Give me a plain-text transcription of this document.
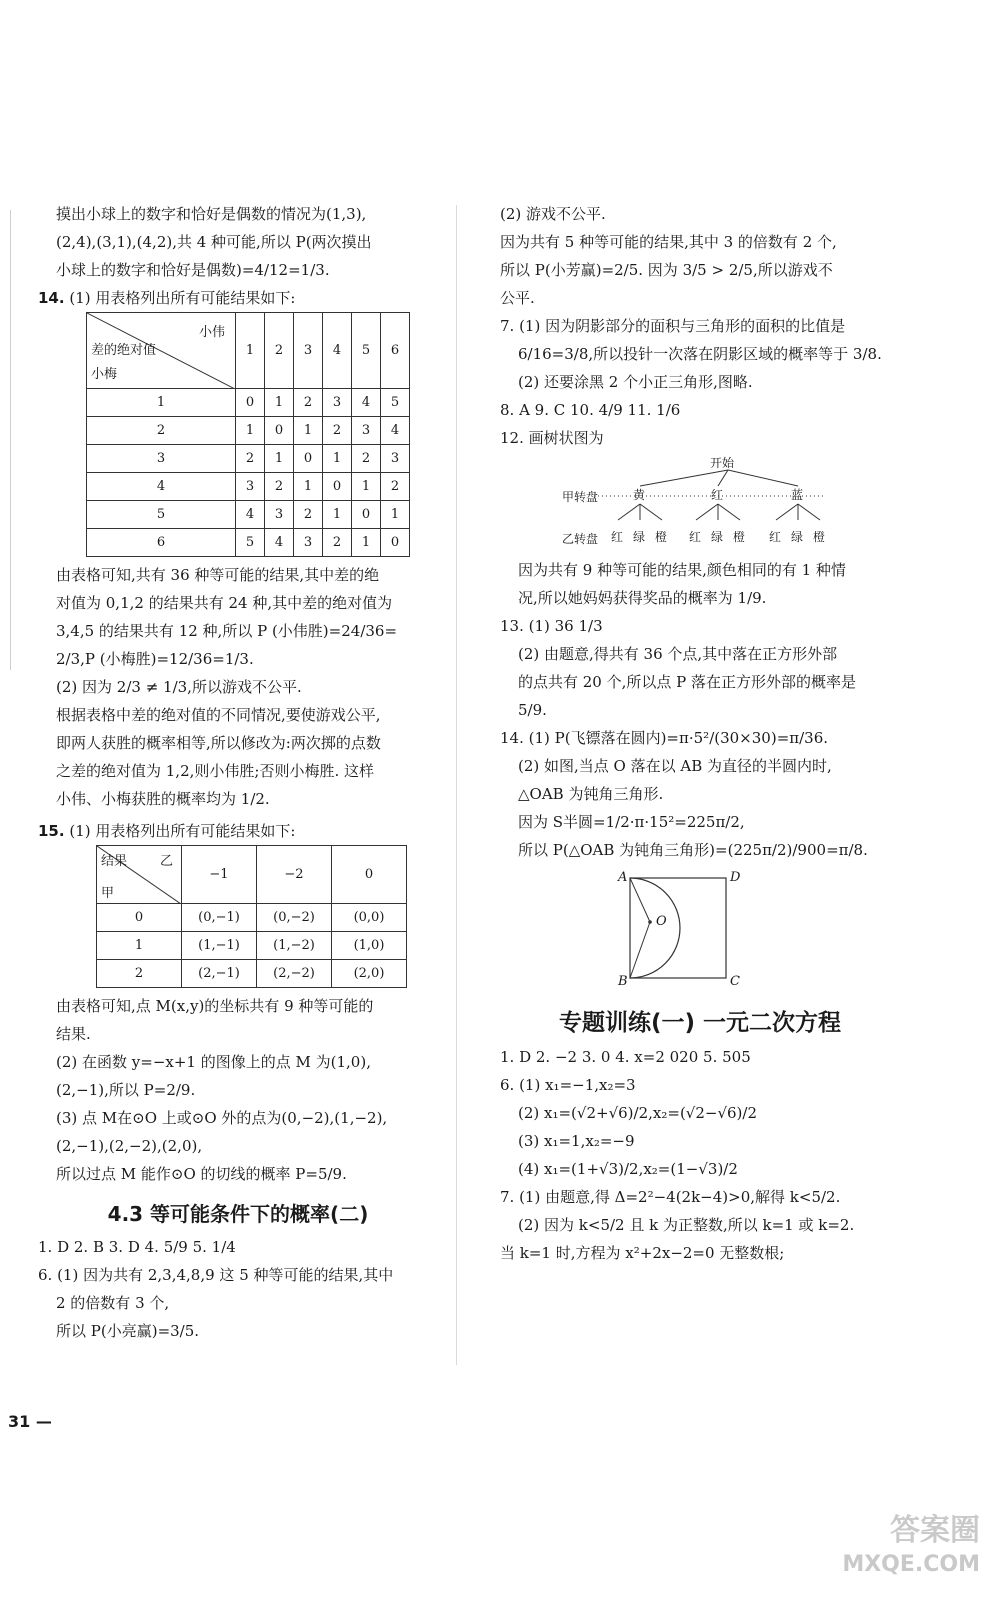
摸出小球上的数字和恰好是偶数的情况为(1,3),

(2,4),(3,1),(4,2),共 4 种可能,所以 P(两次摸出

小球上的数字和恰好是偶数)=4/12=1/3.

14. (1) 用表格列出所有可能结果如下:

小伟
差的绝对值
小梅	1	2	3	4	5	6
1	0	1	2	3	4	5
2	1	0	1	2	3	4
3	2	1	0	1	2	3
4	3	2	1	0	1	2
5	4	3	2	1	0	1
6	5	4	3	2	1	0

由表格可知,共有 36 种等可能的结果,其中差的绝

对值为 0,1,2 的结果共有 24 种,其中差的绝对值为

3,4,5 的结果共有 12 种,所以 P (小伟胜)=24/36=

2/3,P (小梅胜)=12/36=1/3.

(2) 因为 2/3 ≠ 1/3,所以游戏不公平.

根据表格中差的绝对值的不同情况,要使游戏公平,

即两人获胜的概率相等,所以修改为:两次掷的点数

之差的绝对值为 1,2,则小伟胜;否则小梅胜. 这样

小伟、小梅获胜的概率均为 1/2.

15. (1) 用表格列出所有可能结果如下:

结果 乙
甲	−1	−2	0
0	(0,−1)	(0,−2)	(0,0)
1	(1,−1)	(1,−2)	(1,0)
2	(2,−1)	(2,−2)	(2,0)

由表格可知,点 M(x,y)的坐标共有 9 种等可能的

结果.

(2) 在函数 y=−x+1 的图像上的点 M 为(1,0),

(2,−1),所以 P=2/9.

(3) 点 M在⊙O 上或⊙O 外的点为(0,−2),(1,−2),

(2,−1),(2,−2),(2,0),

所以过点 M 能作⊙O 的切线的概率 P=5/9.

4.3 等可能条件下的概率(二)

1. D 2. B 3. D 4. 5/9 5. 1/4

6. (1) 因为共有 2,3,4,8,9 这 5 种等可能的结果,其中

2 的倍数有 3 个,

所以 P(小亮赢)=3/5.

(2) 游戏不公平.

因为共有 5 种等可能的结果,其中 3 的倍数有 2 个,

所以 P(小芳赢)=2/5. 因为 3/5 > 2/5,所以游戏不

公平.

7. (1) 因为阴影部分的面积与三角形的面积的比值是

6/16=3/8,所以投针一次落在阴影区域的概率等于 3/8.

(2) 还要涂黑 2 个小正三角形,图略.

8. A 9. C 10. 4/9 11. 1/6

12. 画树状图为

开始
甲转盘
乙转盘
黄	红	蓝
红 绿 橙 红 绿 橙 红 绿 橙

因为共有 9 种等可能的结果,颜色相同的有 1 种情

况,所以她妈妈获得奖品的概率为 1/9.

13. (1) 36 1/3

(2) 由题意,得共有 36 个点,其中落在正方形外部

的点共有 20 个,所以点 P 落在正方形外部的概率是

5/9.

14. (1) P(飞镖落在圆内)=π·5²/(30×30)=π/36.

(2) 如图,当点 O 落在以 AB 为直径的半圆内时,

△OAB 为钝角三角形.

因为 S半圆=1/2·π·15²=225π/2,

所以 P(△OAB 为钝角三角形)=(225π/2)/900=π/8.

A	D
B	C
O
专题训练(一) 一元二次方程

1. D 2. −2 3. 0 4. x=2 020 5. 505

6. (1) x₁=−1,x₂=3

(2) x₁=(√2+√6)/2,x₂=(√2−√6)/2

(3) x₁=1,x₂=−9

(4) x₁=(1+√3)/2,x₂=(1−√3)/2

7. (1) 由题意,得 Δ=2²−4(2k−4)>0,解得 k<5/2.

(2) 因为 k<5/2 且 k 为正整数,所以 k=1 或 k=2.

当 k=1 时,方程为 x²+2x−2=0 无整数根;

31 —
答案圈
MXQE.COM
